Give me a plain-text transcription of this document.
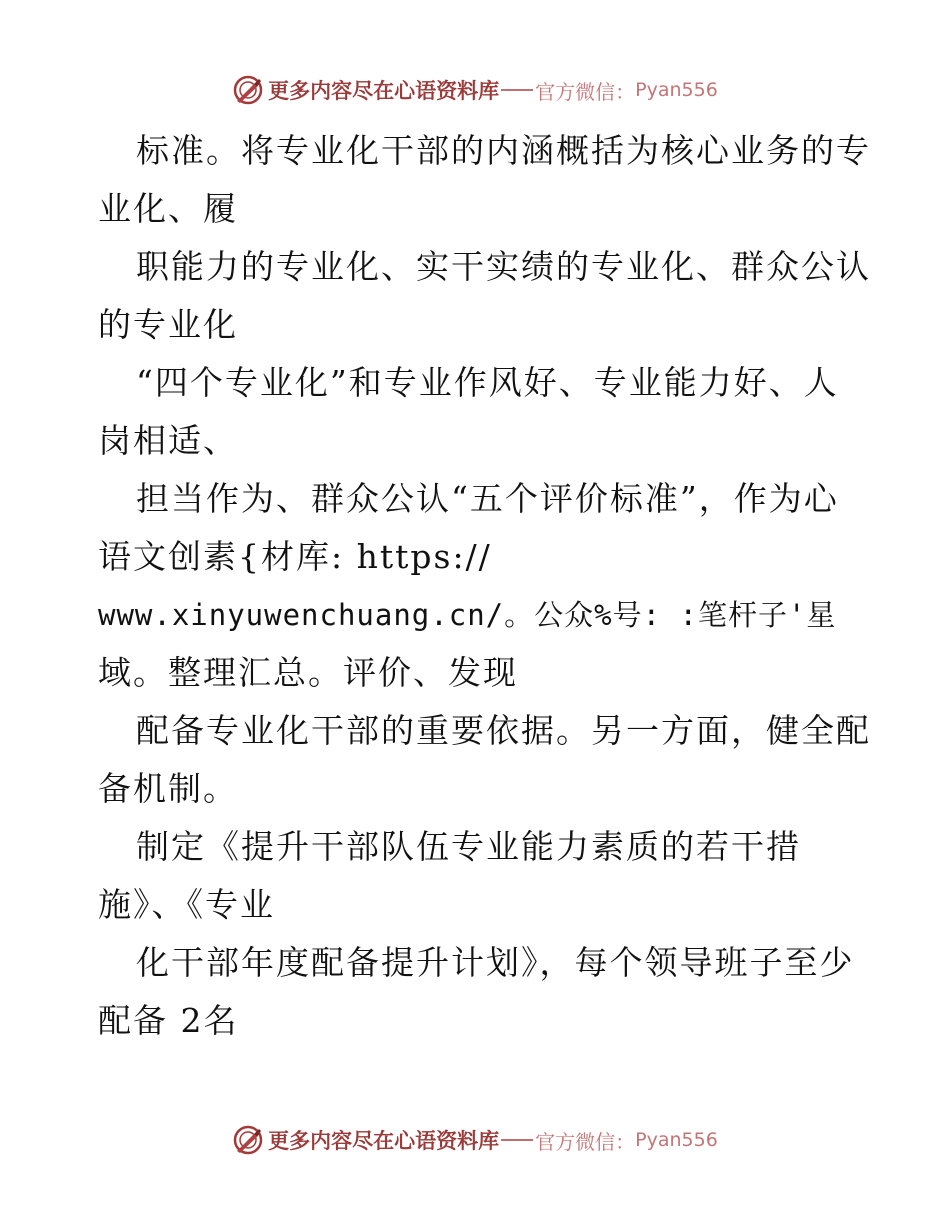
更多内容尽在心语资料库 官方微信： Pyan556
标准。将专业化干部的内涵概括为核心业务的专
业化、履
职能力的专业化、实干实绩的专业化、群众公认
的专业化
“四个专业化”和专业作风好、专业能力好、人
岗相适、
担当作为、群众公认“五个评价标准”，作为心
语文创素{材库: https://
www.xinyuwenchuang.cn/。公众%号: :笔杆子'星
域。整理汇总。评价、发现
配备专业化干部的重要依据。另一方面，健全配
备机制。
制定《提升干部队伍专业能力素质的若干措
施》、《专业
化干部年度配备提升计划》，每个领导班子至少
配备 2名
更多内容尽在心语资料库 官方微信： Pyan556
